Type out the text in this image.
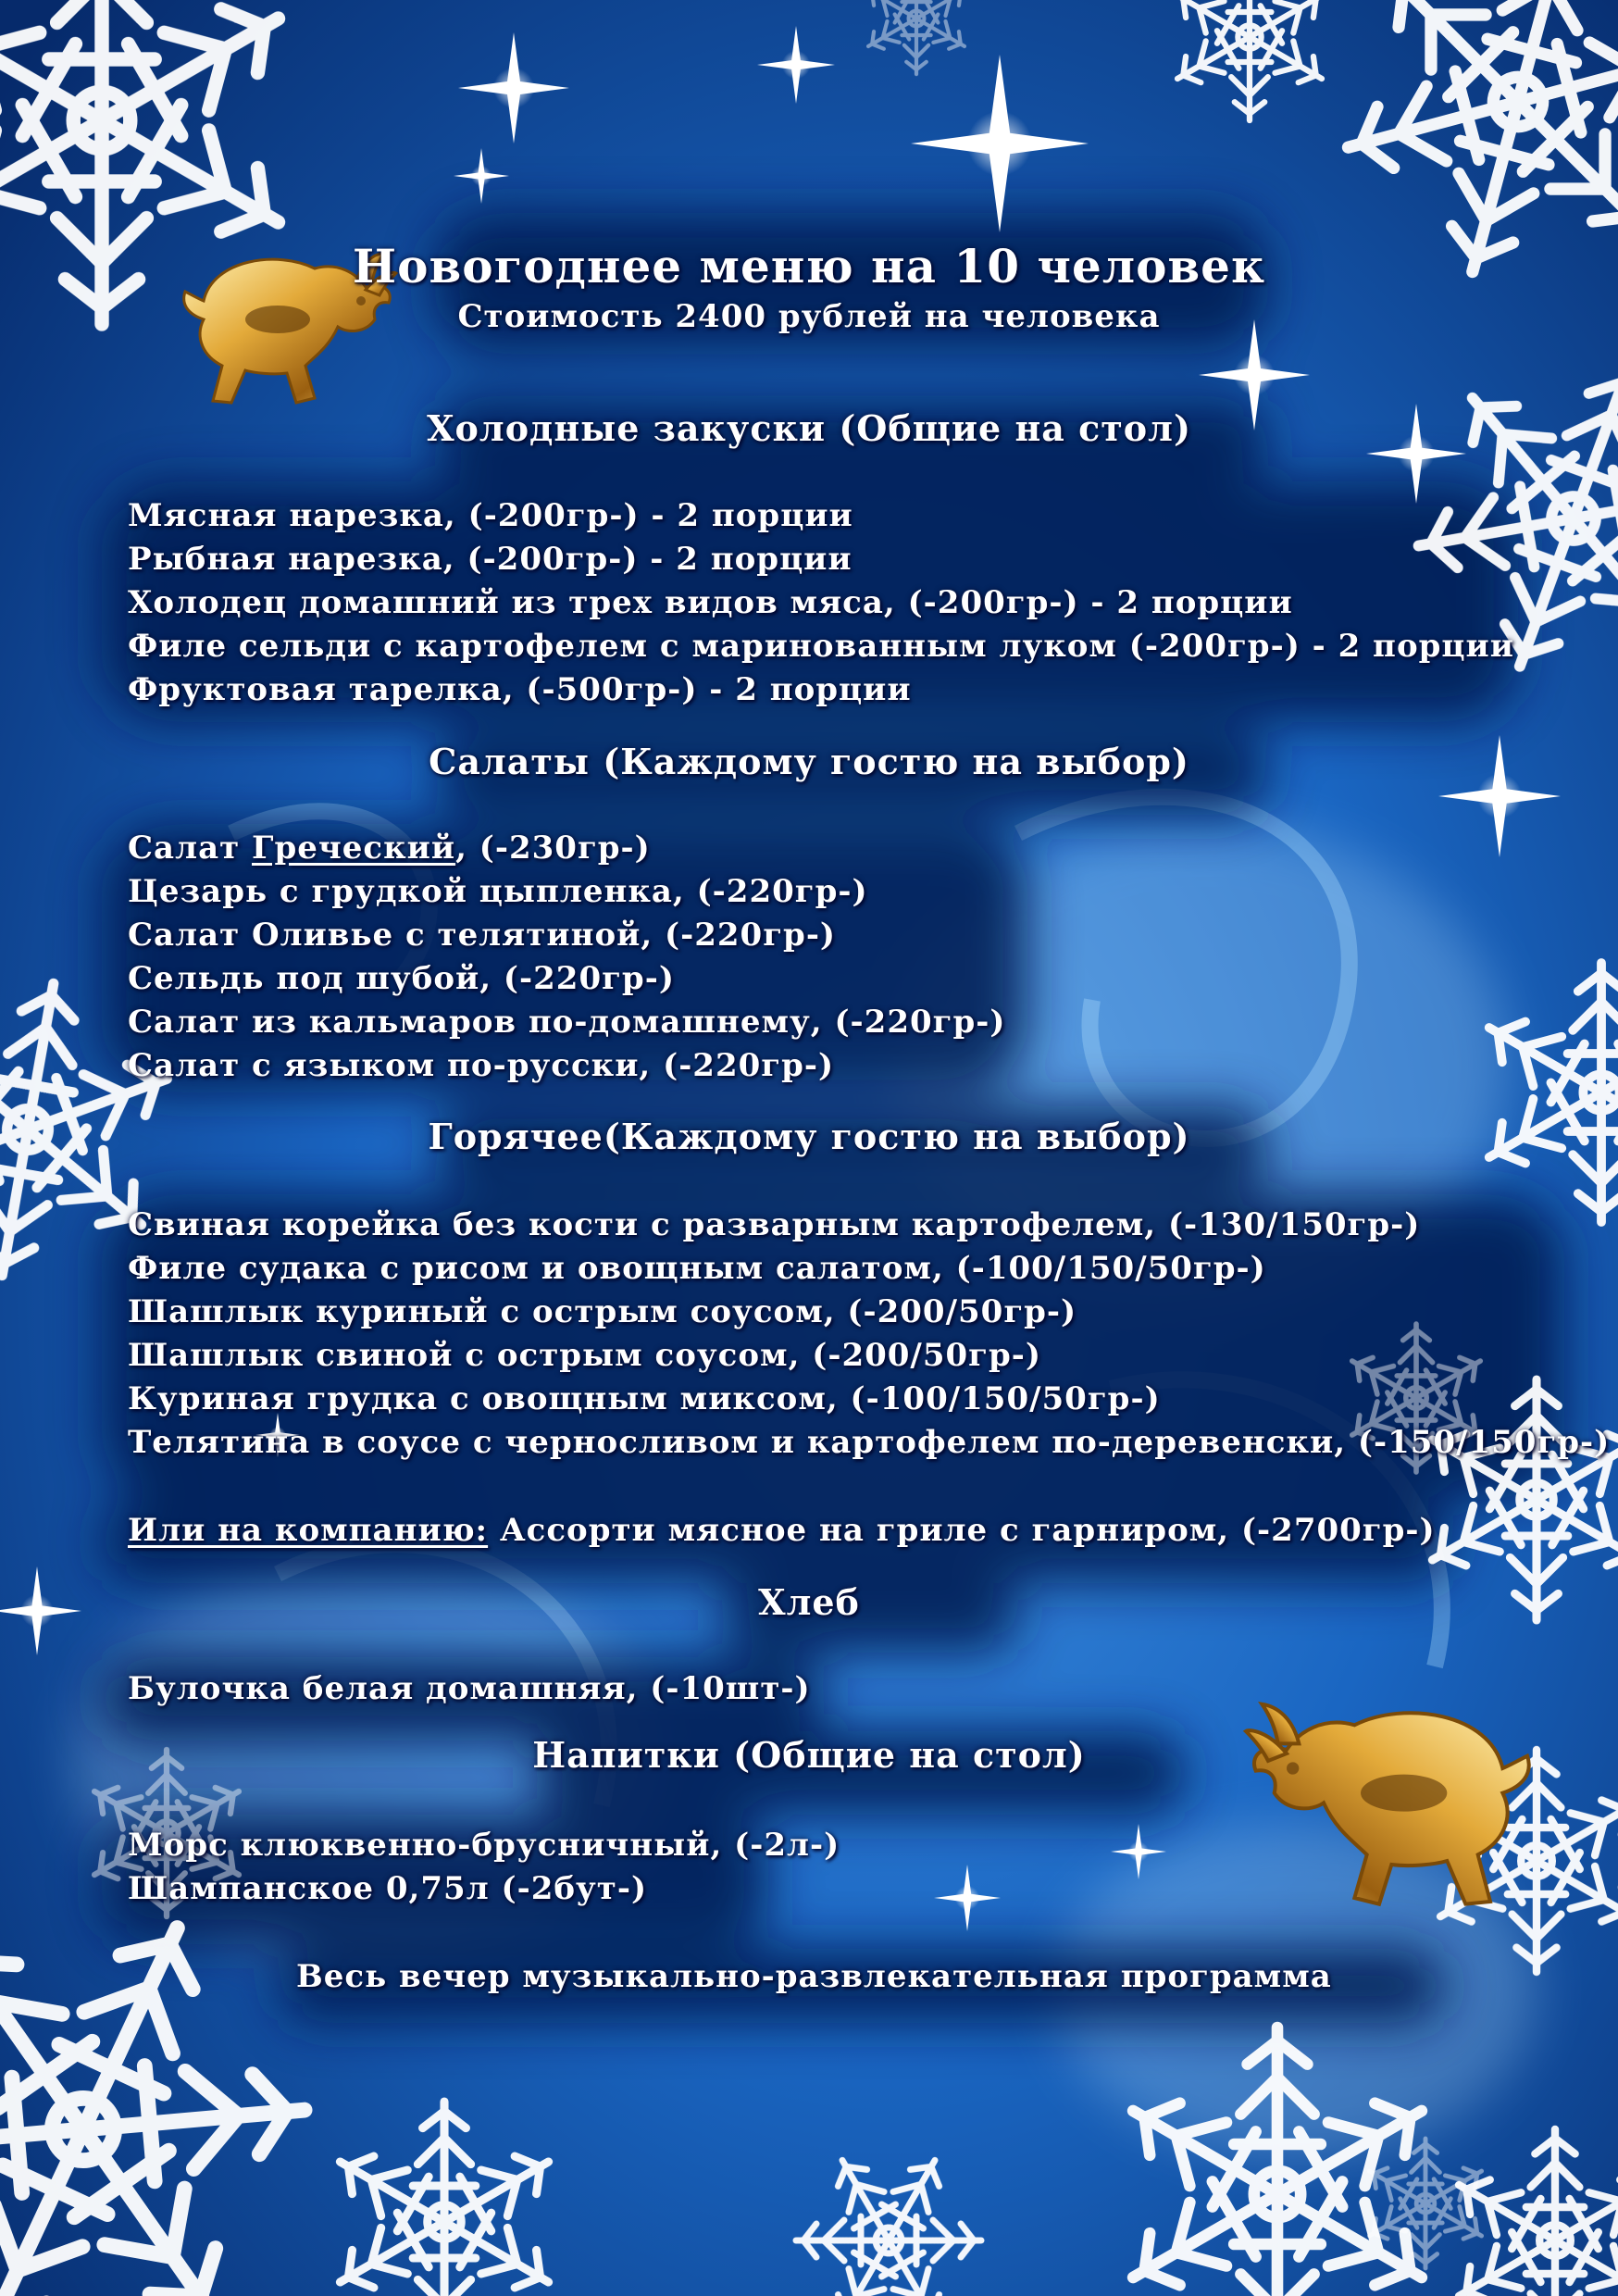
Новогоднее меню на 10 человек
Стоимость 2400 рублей на человека
Холодные закуски (Общие на стол)
Мясная нарезка, (-200гр-) - 2 порции
Рыбная нарезка, (-200гр-) - 2 порции
Холодец домашний из трех видов мяса, (-200гр-) - 2 порции
Филе сельди с картофелем с маринованным луком (-200гр-) - 2 порции
Фруктовая тарелка, (-500гр-) - 2 порции
Салаты (Каждому гостю на выбор)
Салат Греческий, (-230гр-)
Цезарь с грудкой цыпленка, (-220гр-)
Салат Оливье с телятиной, (-220гр-)
Сельдь под шубой, (-220гр-)
Салат из кальмаров по-домашнему, (-220гр-)
Салат с языком по-русски, (-220гр-)
Горячее(Каждому гостю на выбор)
Свиная корейка без кости с разварным картофелем, (-130/150гр-)
Филе судака с рисом и овощным салатом, (-100/150/50гр-)
Шашлык куриный с острым соусом, (-200/50гр-)
Шашлык свиной с острым соусом, (-200/50гр-)
Куриная грудка с овощным миксом, (-100/150/50гр-)
Телятина в соусе с черносливом и картофелем по-деревенски, (-150/150гр-)
Или на компанию: Ассорти мясное на гриле с гарниром, (-2700гр-)
Хлеб
Булочка белая домашняя, (-10шт-)
Напитки (Общие на стол)
Морс клюквенно-брусничный, (-2л-)
Шампанское 0,75л (-2бут-)
Весь вечер музыкально-развлекательная программа
